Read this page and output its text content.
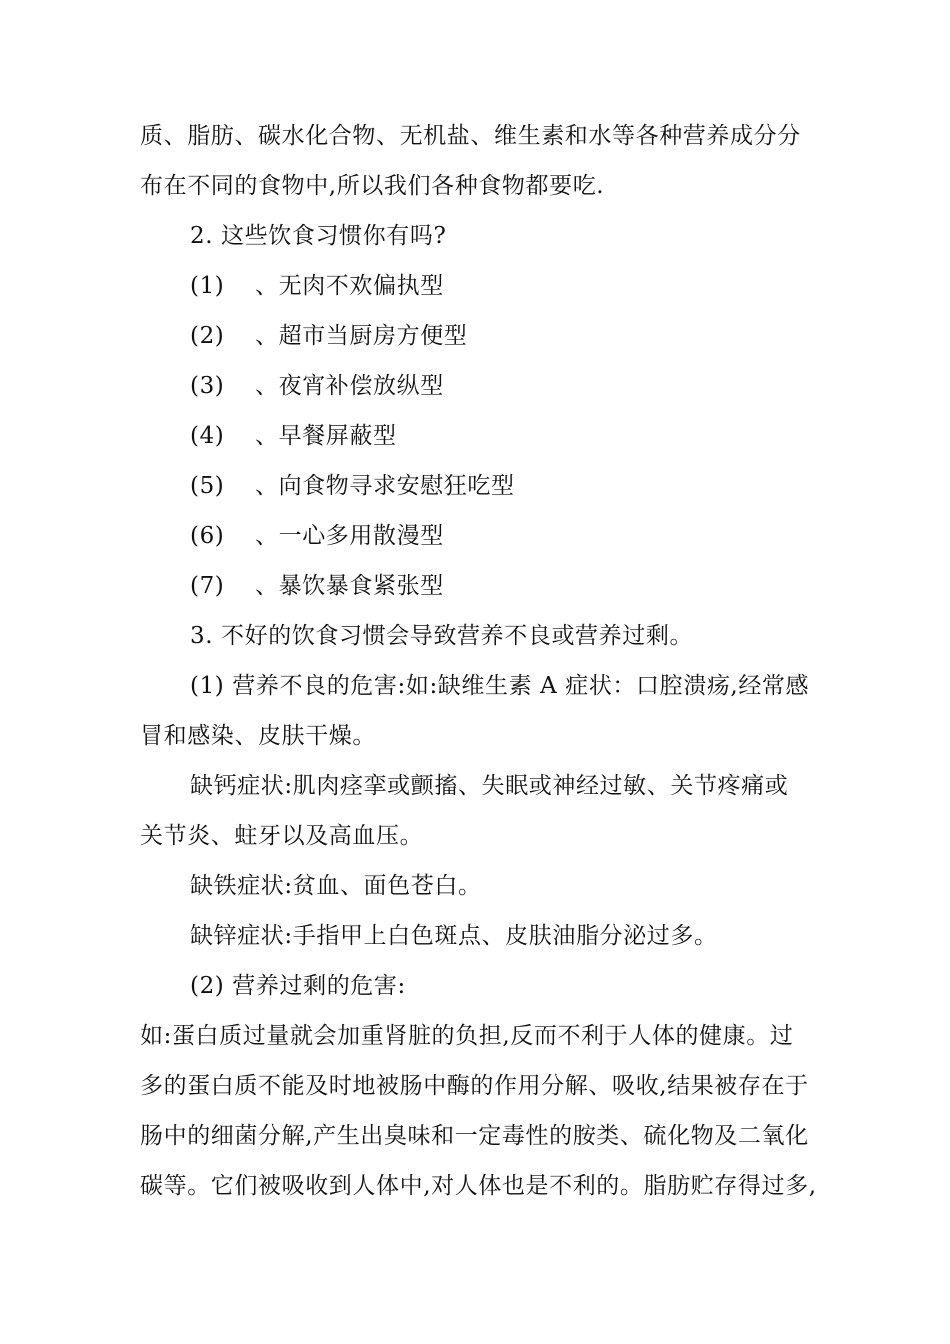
质、脂肪、碳水化合物、无机盐、维生素和水等各种营养成分分
布在不同的食物中,所以我们各种食物都要吃.
2. 这些饮食习惯你有吗?
(1) 、无肉不欢偏执型
(2) 、超市当厨房方便型
(3) 、夜宵补偿放纵型
(4) 、早餐屏蔽型
(5) 、向食物寻求安慰狂吃型
(6) 、一心多用散漫型
(7) 、暴饮暴食紧张型
3. 不好的饮食习惯会导致营养不良或营养过剩。
(1) 营养不良的危害:如:缺维生素 A 症状：口腔溃疡,经常感
冒和感染、皮肤干燥。
缺钙症状:肌肉痉挛或颤搐、失眠或神经过敏、关节疼痛或
关节炎、蛀牙以及高血压。
缺铁症状:贫血、面色苍白。
缺锌症状:手指甲上白色斑点、皮肤油脂分泌过多。
(2) 营养过剩的危害:
如:蛋白质过量就会加重肾脏的负担,反而不利于人体的健康。过
多的蛋白质不能及时地被肠中酶的作用分解、吸收,结果被存在于
肠中的细菌分解,产生出臭味和一定毒性的胺类、硫化物及二氧化
碳等。它们被吸收到人体中,对人体也是不利的。脂肪贮存得过多,
